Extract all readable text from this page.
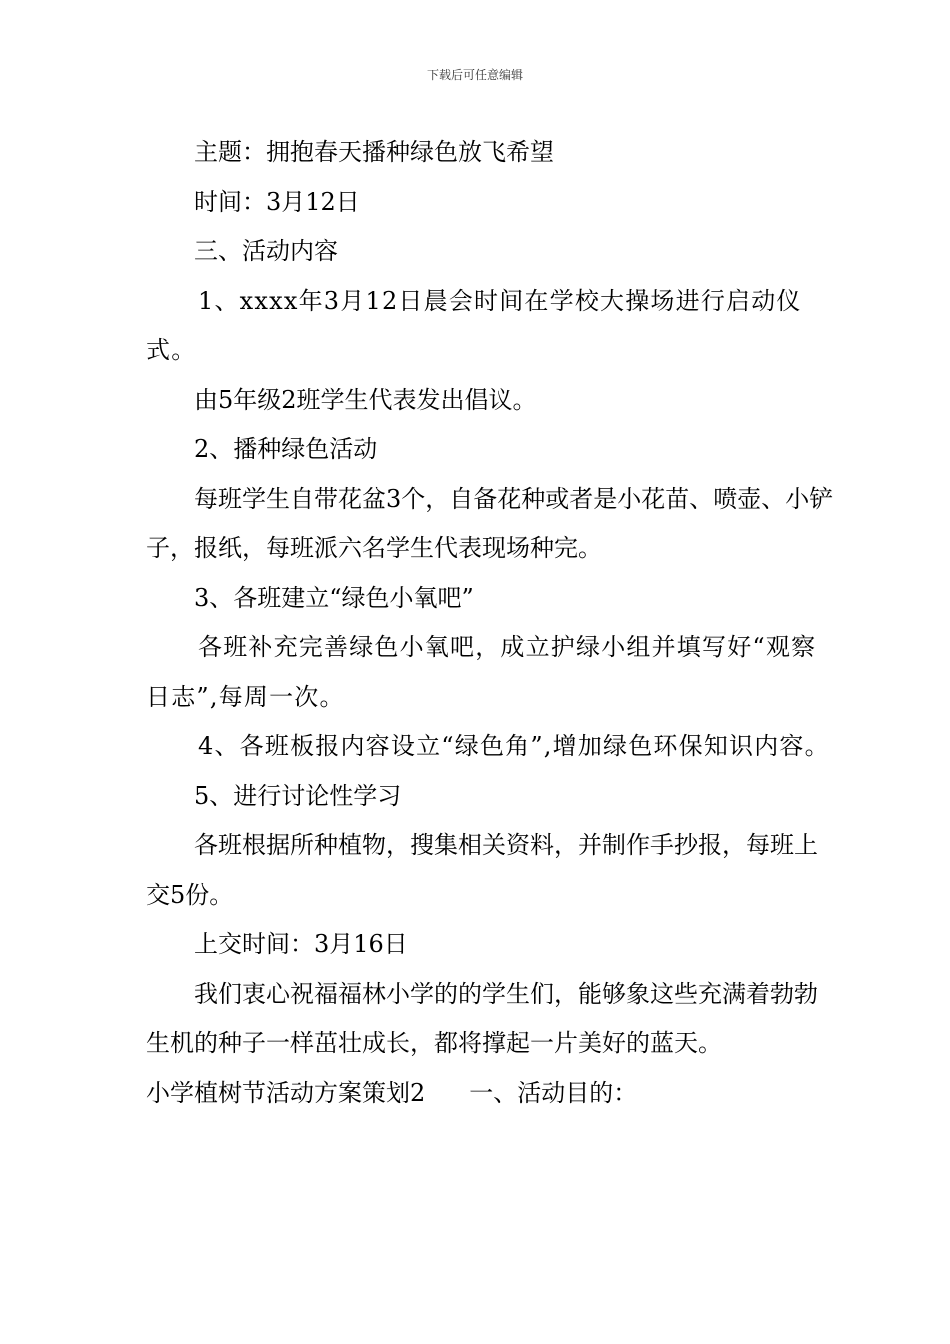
下载后可任意编辑

主题：拥抱春天播种绿色放飞希望

时间：3月12日

三、活动内容

1、xxxx年3月12日晨会时间在学校大操场进行启动仪式。

由5年级2班学生代表发出倡议。

2、播种绿色活动

每班学生自带花盆3个，自备花种或者是小花苗、喷壶、小铲子，报纸，每班派六名学生代表现场种完。

3、各班建立“绿色小氧吧”

各班补充完善绿色小氧吧，成立护绿小组并填写好“观察日志”,每周一次。

4、各班板报内容设立“绿色角”,增加绿色环保知识内容。

5、进行讨论性学习

各班根据所种植物，搜集相关资料，并制作手抄报，每班上交5份。

上交时间：3月16日

我们衷心祝福福林小学的的学生们，能够象这些充满着勃勃生机的种子一样茁壮成长，都将撑起一片美好的蓝天。

小学植树节活动方案策划2 一、活动目的：
